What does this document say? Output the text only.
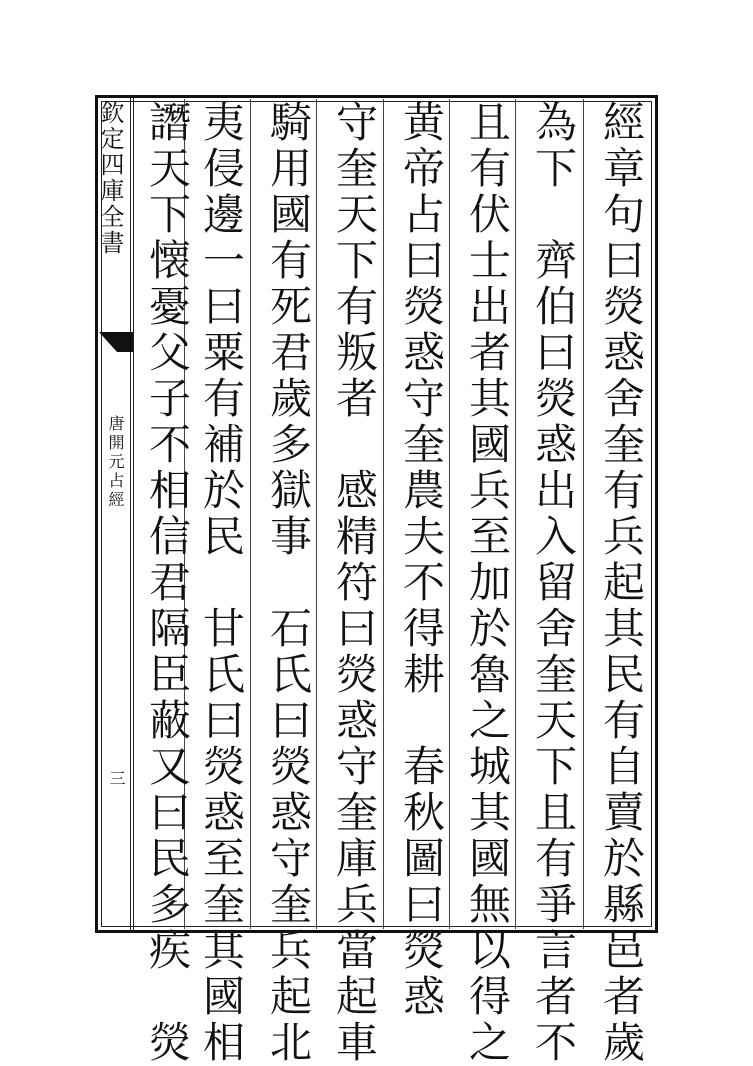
欽定四庫全書
唐開元占經
三	經章句曰熒惑舍奎有兵起其民有自賣於縣邑者歲
為下　齊伯曰熒惑出入留舍奎天下且有爭言者不
且有伏士出者其國兵至加於魯之城其國無以得之
黄帝占曰熒惑守奎農夫不得耕　春秋圖曰熒惑
守奎天下有叛者　感精符曰熒惑守奎庫兵當起車
騎用國有死君歲多獄事　石氏曰熒惑守奎兵起北
夷侵邊一曰粟有補於民　甘氏曰熒惑至奎其國相
譖天下懐憂父子不相信君隔臣蔽又曰民多疾　熒
